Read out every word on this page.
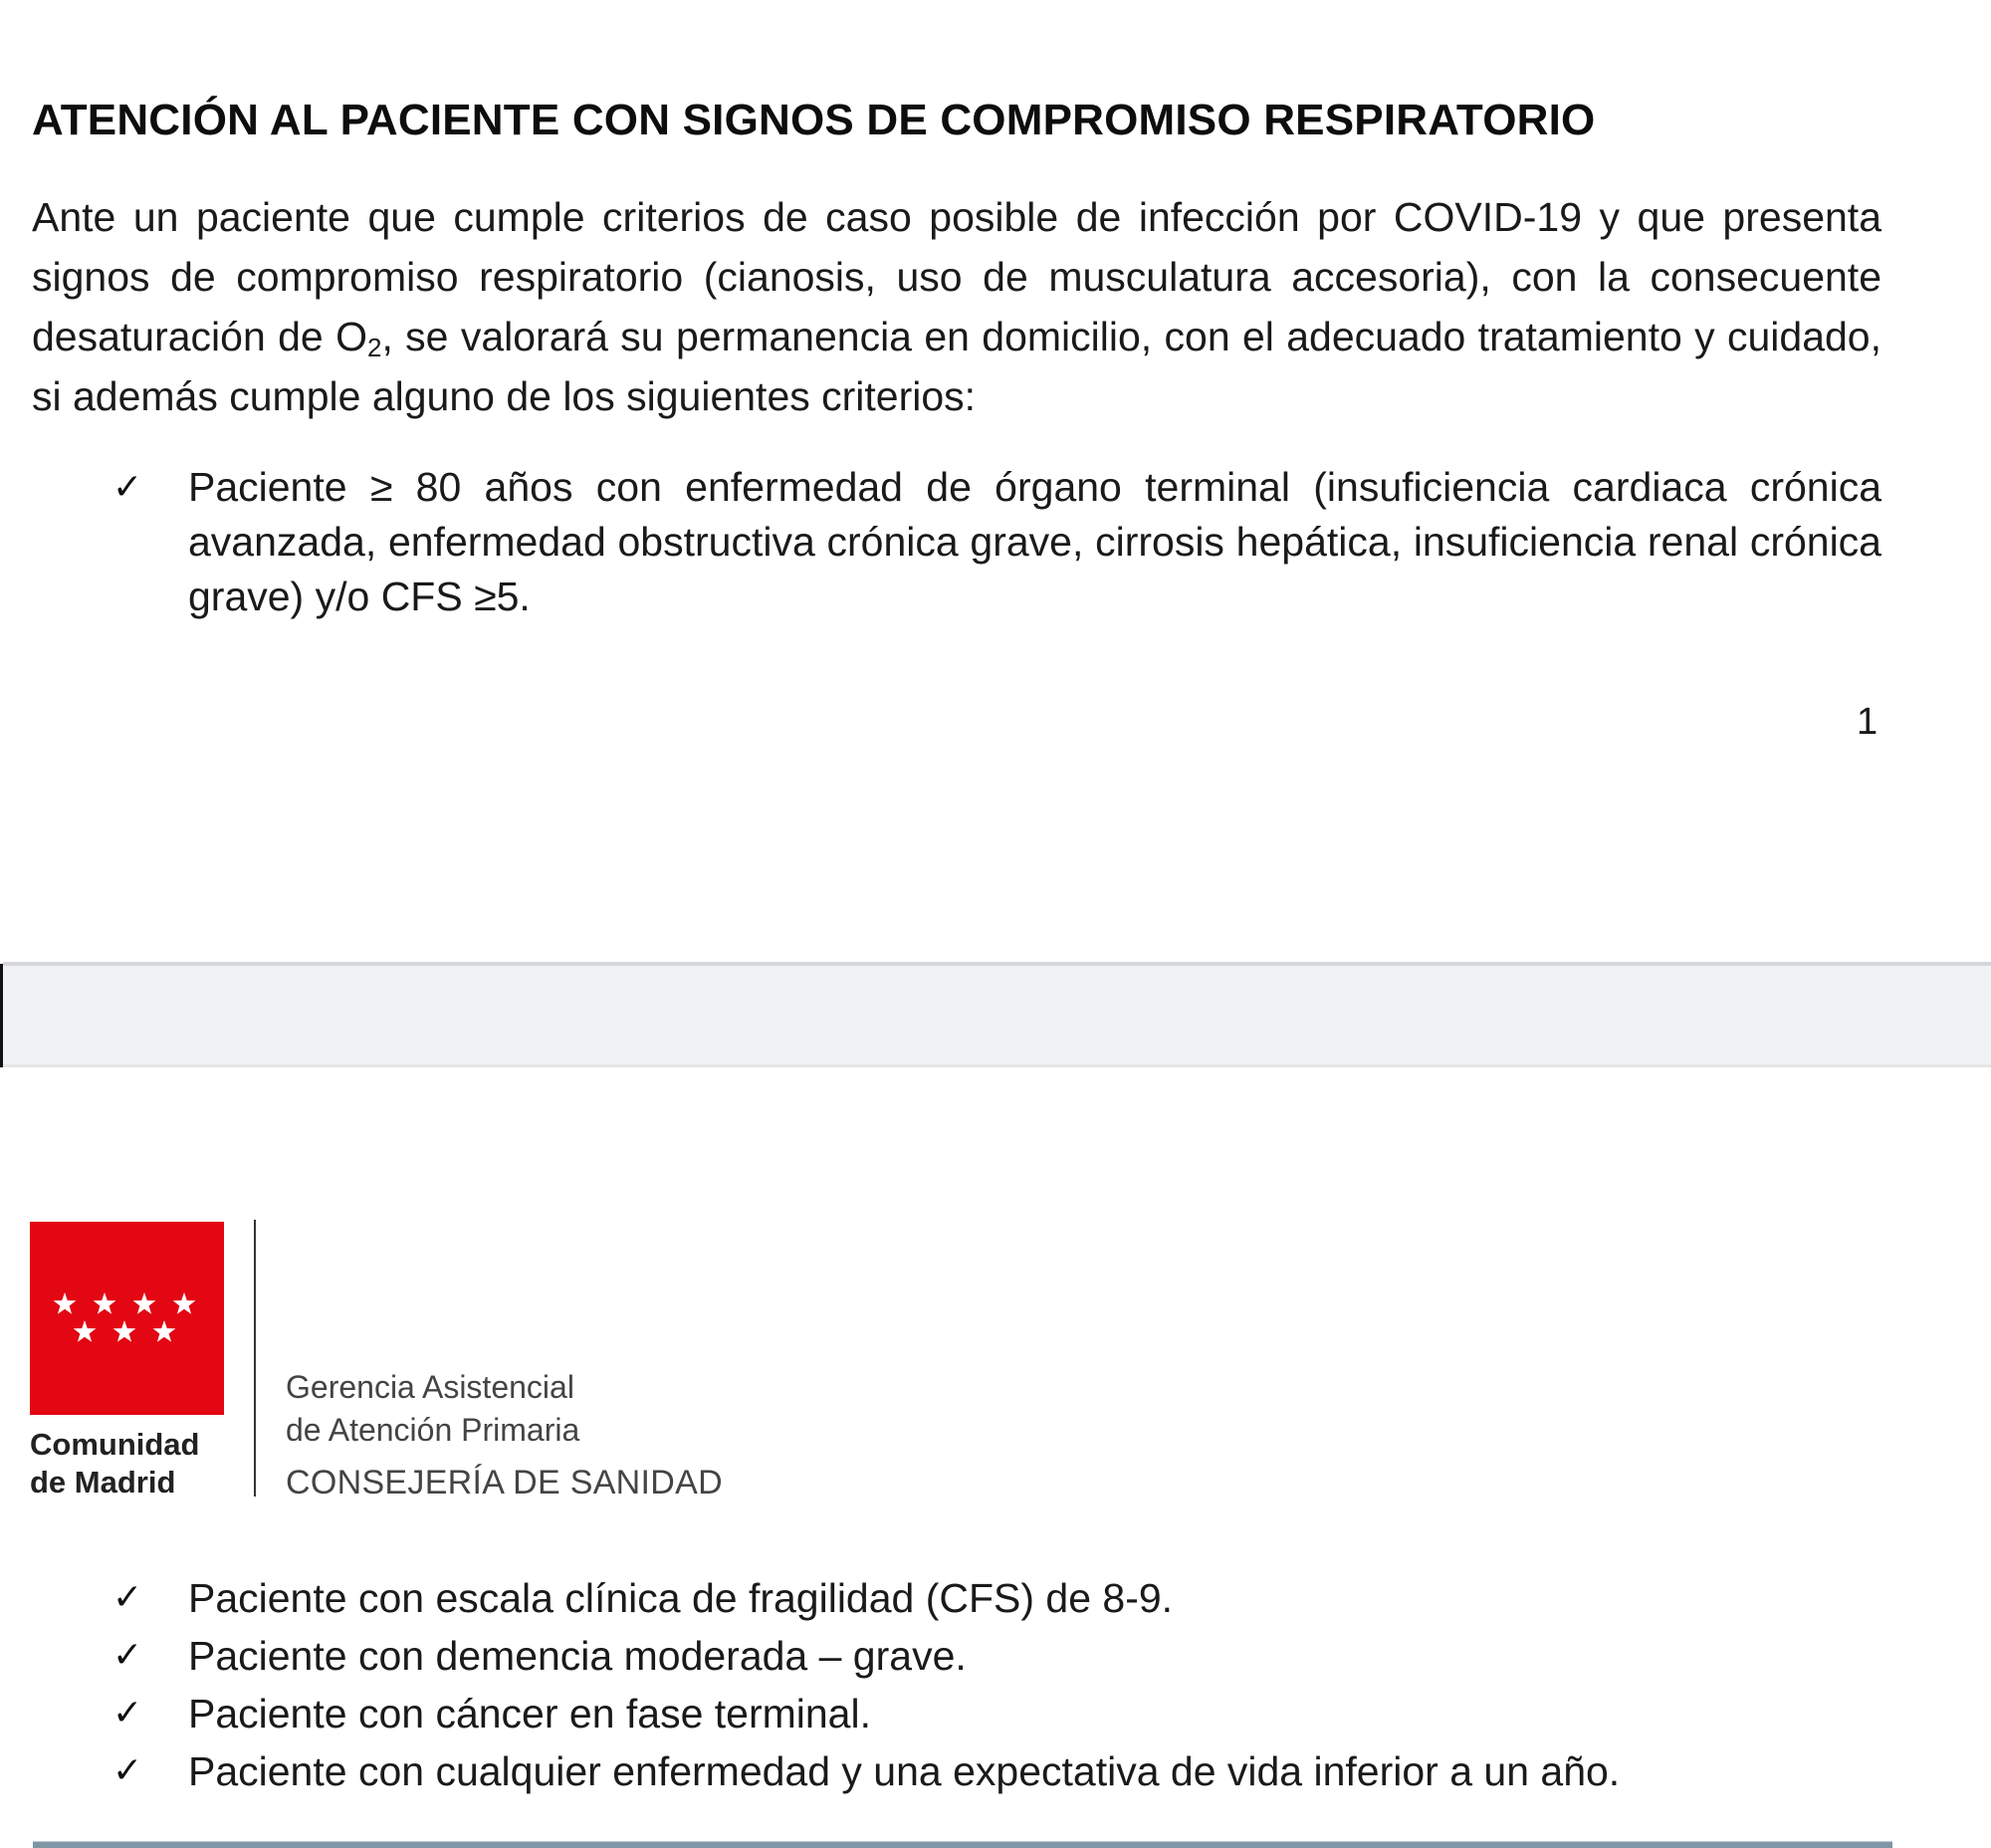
ATENCIÓN AL PACIENTE CON SIGNOS DE COMPROMISO RESPIRATORIO
Ante un paciente que cumple criterios de caso posible de infección por COVID-19 y que presenta signos de compromiso respiratorio (cianosis, uso de musculatura accesoria), con la consecuente desaturación de $O_2$, se valorará su permanencia en domicilio, con el adecuado tratamiento y cuidado, si además cumple alguno de los siguientes criterios:
✓ Paciente ≥ 80 años con enfermedad de órgano terminal (insuficiencia cardiaca crónica avanzada, enfermedad obstructiva crónica grave, cirrosis hepática, insuficiencia renal crónica grave) y/o CFS ≥5.
1
Comunidad
de Madrid
Gerencia Asistencial
de Atención Primaria
CONSEJERÍA DE SANIDAD
✓ Paciente con escala clínica de fragilidad (CFS) de 8-9.
✓ Paciente con demencia moderada – grave.
✓ Paciente con cáncer en fase terminal.
✓ Paciente con cualquier enfermedad y una expectativa de vida inferior a un año.
